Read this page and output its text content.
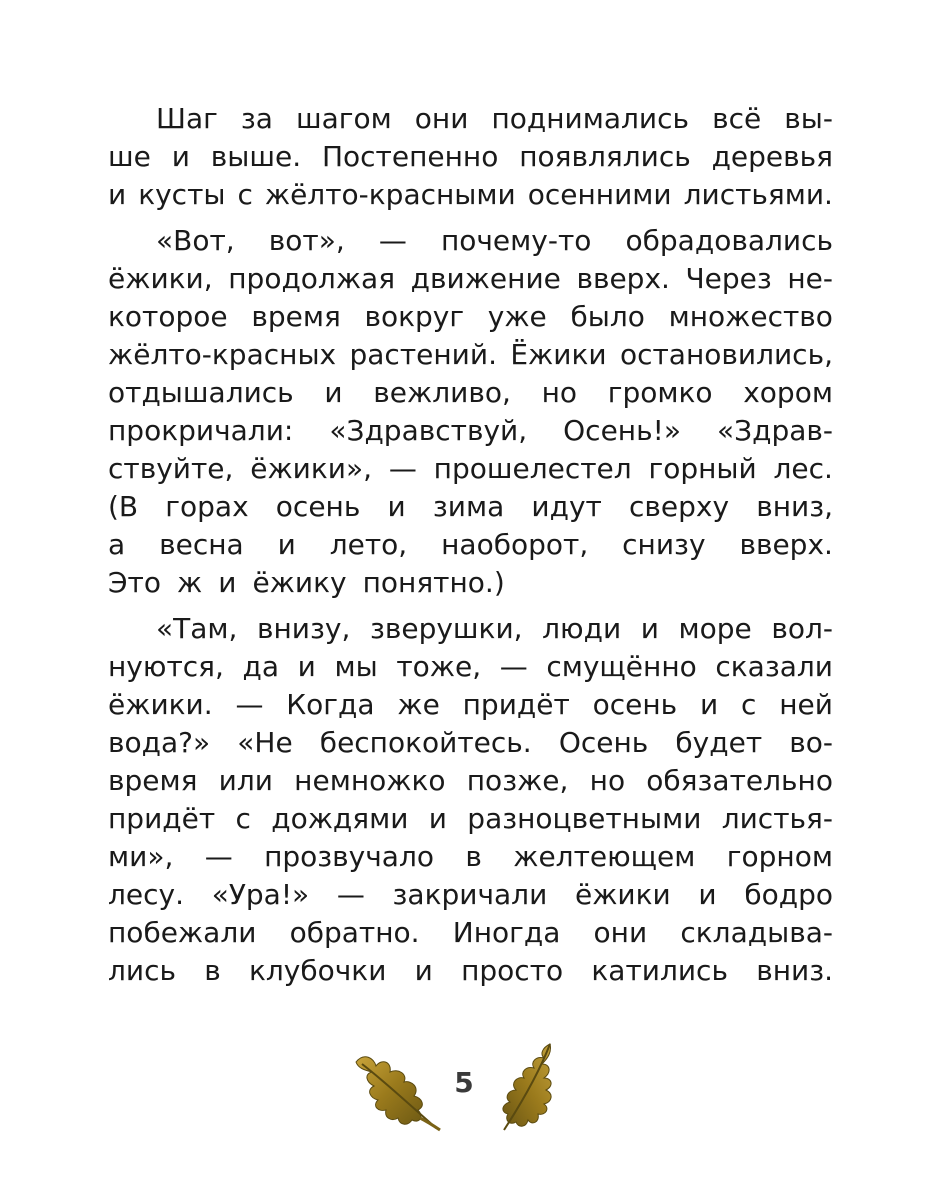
Шаг за шагом они поднимались всё вы-
ше и выше. Постепенно появлялись деревья
и кусты с жёлто-красными осенними листьями.
«Вот, вот», — почему-то обрадовались
ёжики, продолжая движение вверх. Через не-
которое время вокруг уже было множество
жёлто-красных растений. Ёжики остановились,
отдышались и вежливо, но громко хором
прокричали: «Здравствуй, Осень!» «Здрав-
ствуйте, ёжики», — прошелестел горный лес.
(В горах осень и зима идут сверху вниз,
а весна и лето, наоборот, снизу вверх.
Это ж и ёжику понятно.)
«Там, внизу, зверушки, люди и море вол-
нуются, да и мы тоже, — смущённо сказали
ёжики. — Когда же придёт осень и с ней
вода?» «Не беспокойтесь. Осень будет во-
время или немножко позже, но обязательно
придёт с дождями и разноцветными листья-
ми», — прозвучало в желтеющем горном
лесу. «Ура!» — закричали ёжики и бодро
побежали обратно. Иногда они складыва-
лись в клубочки и просто катились вниз.
5
